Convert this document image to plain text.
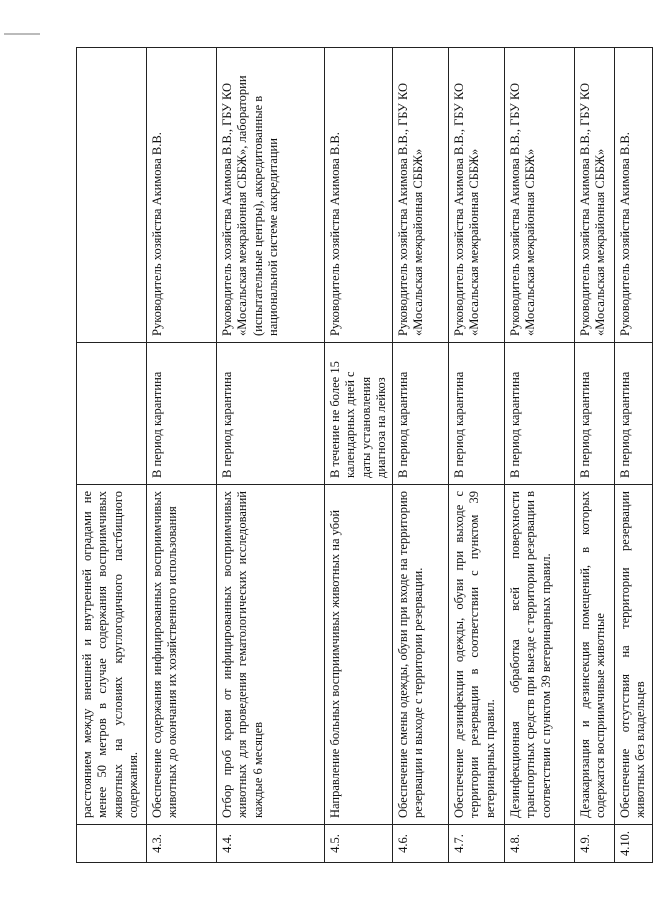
	расстоянием между внешней и внутренней оградами не менее 50 метров в случае содержания восприимчивых животных на условиях круглогодичного пастбищного содержания.		
4.3.	Обеспечение содержания инфицированных восприимчивых животных до окончания их хозяйственного использования	В период карантина	Руководитель хозяйства Акимова В.В.
4.4.	Отбор проб крови от инфицированных восприимчивых животных для проведения гематологических исследований каждые 6 месяцев	В период карантина	Руководитель хозяйства Акимова В.В., ГБУ КО «Мосальская межрайонная СББЖ», лаборатории (испытательные центры), аккредитованные в национальной системе аккредитации
4.5.	Направление больных восприимчивых животных на убой	В течение не более 15 календарных дней с даты установления диагноза на лейкоз	Руководитель хозяйства Акимова В.В.
4.6.	Обеспечение смены одежды, обуви при входе на территорию резервации и выходе с территории резервации.	В период карантина	Руководитель хозяйства Акимова В.В., ГБУ КО «Мосальская межрайонная СББЖ»
4.7.	Обеспечение дезинфекции одежды, обуви при выходе с территории резервации в соответствии с пунктом 39 ветеринарных правил.	В период карантина	Руководитель хозяйства Акимова В.В., ГБУ КО «Мосальская межрайонная СББЖ»
4.8.	Дезинфекционная обработка всей поверхности транспортных средств при выезде с территории резервации в соответствии с пунктом 39 ветеринарных правил.	В период карантина	Руководитель хозяйства Акимова В.В., ГБУ КО «Мосальская межрайонная СББЖ»
4.9.	Дезакаризация и дезинсекция помещений, в которых содержатся восприимчивые животные	В период карантина	Руководитель хозяйства Акимова В.В., ГБУ КО «Мосальская межрайонная СББЖ»
4.10.	Обеспечение отсутствия на территории резервации животных без владельцев	В период карантина	Руководитель хозяйства Акимова В.В.
